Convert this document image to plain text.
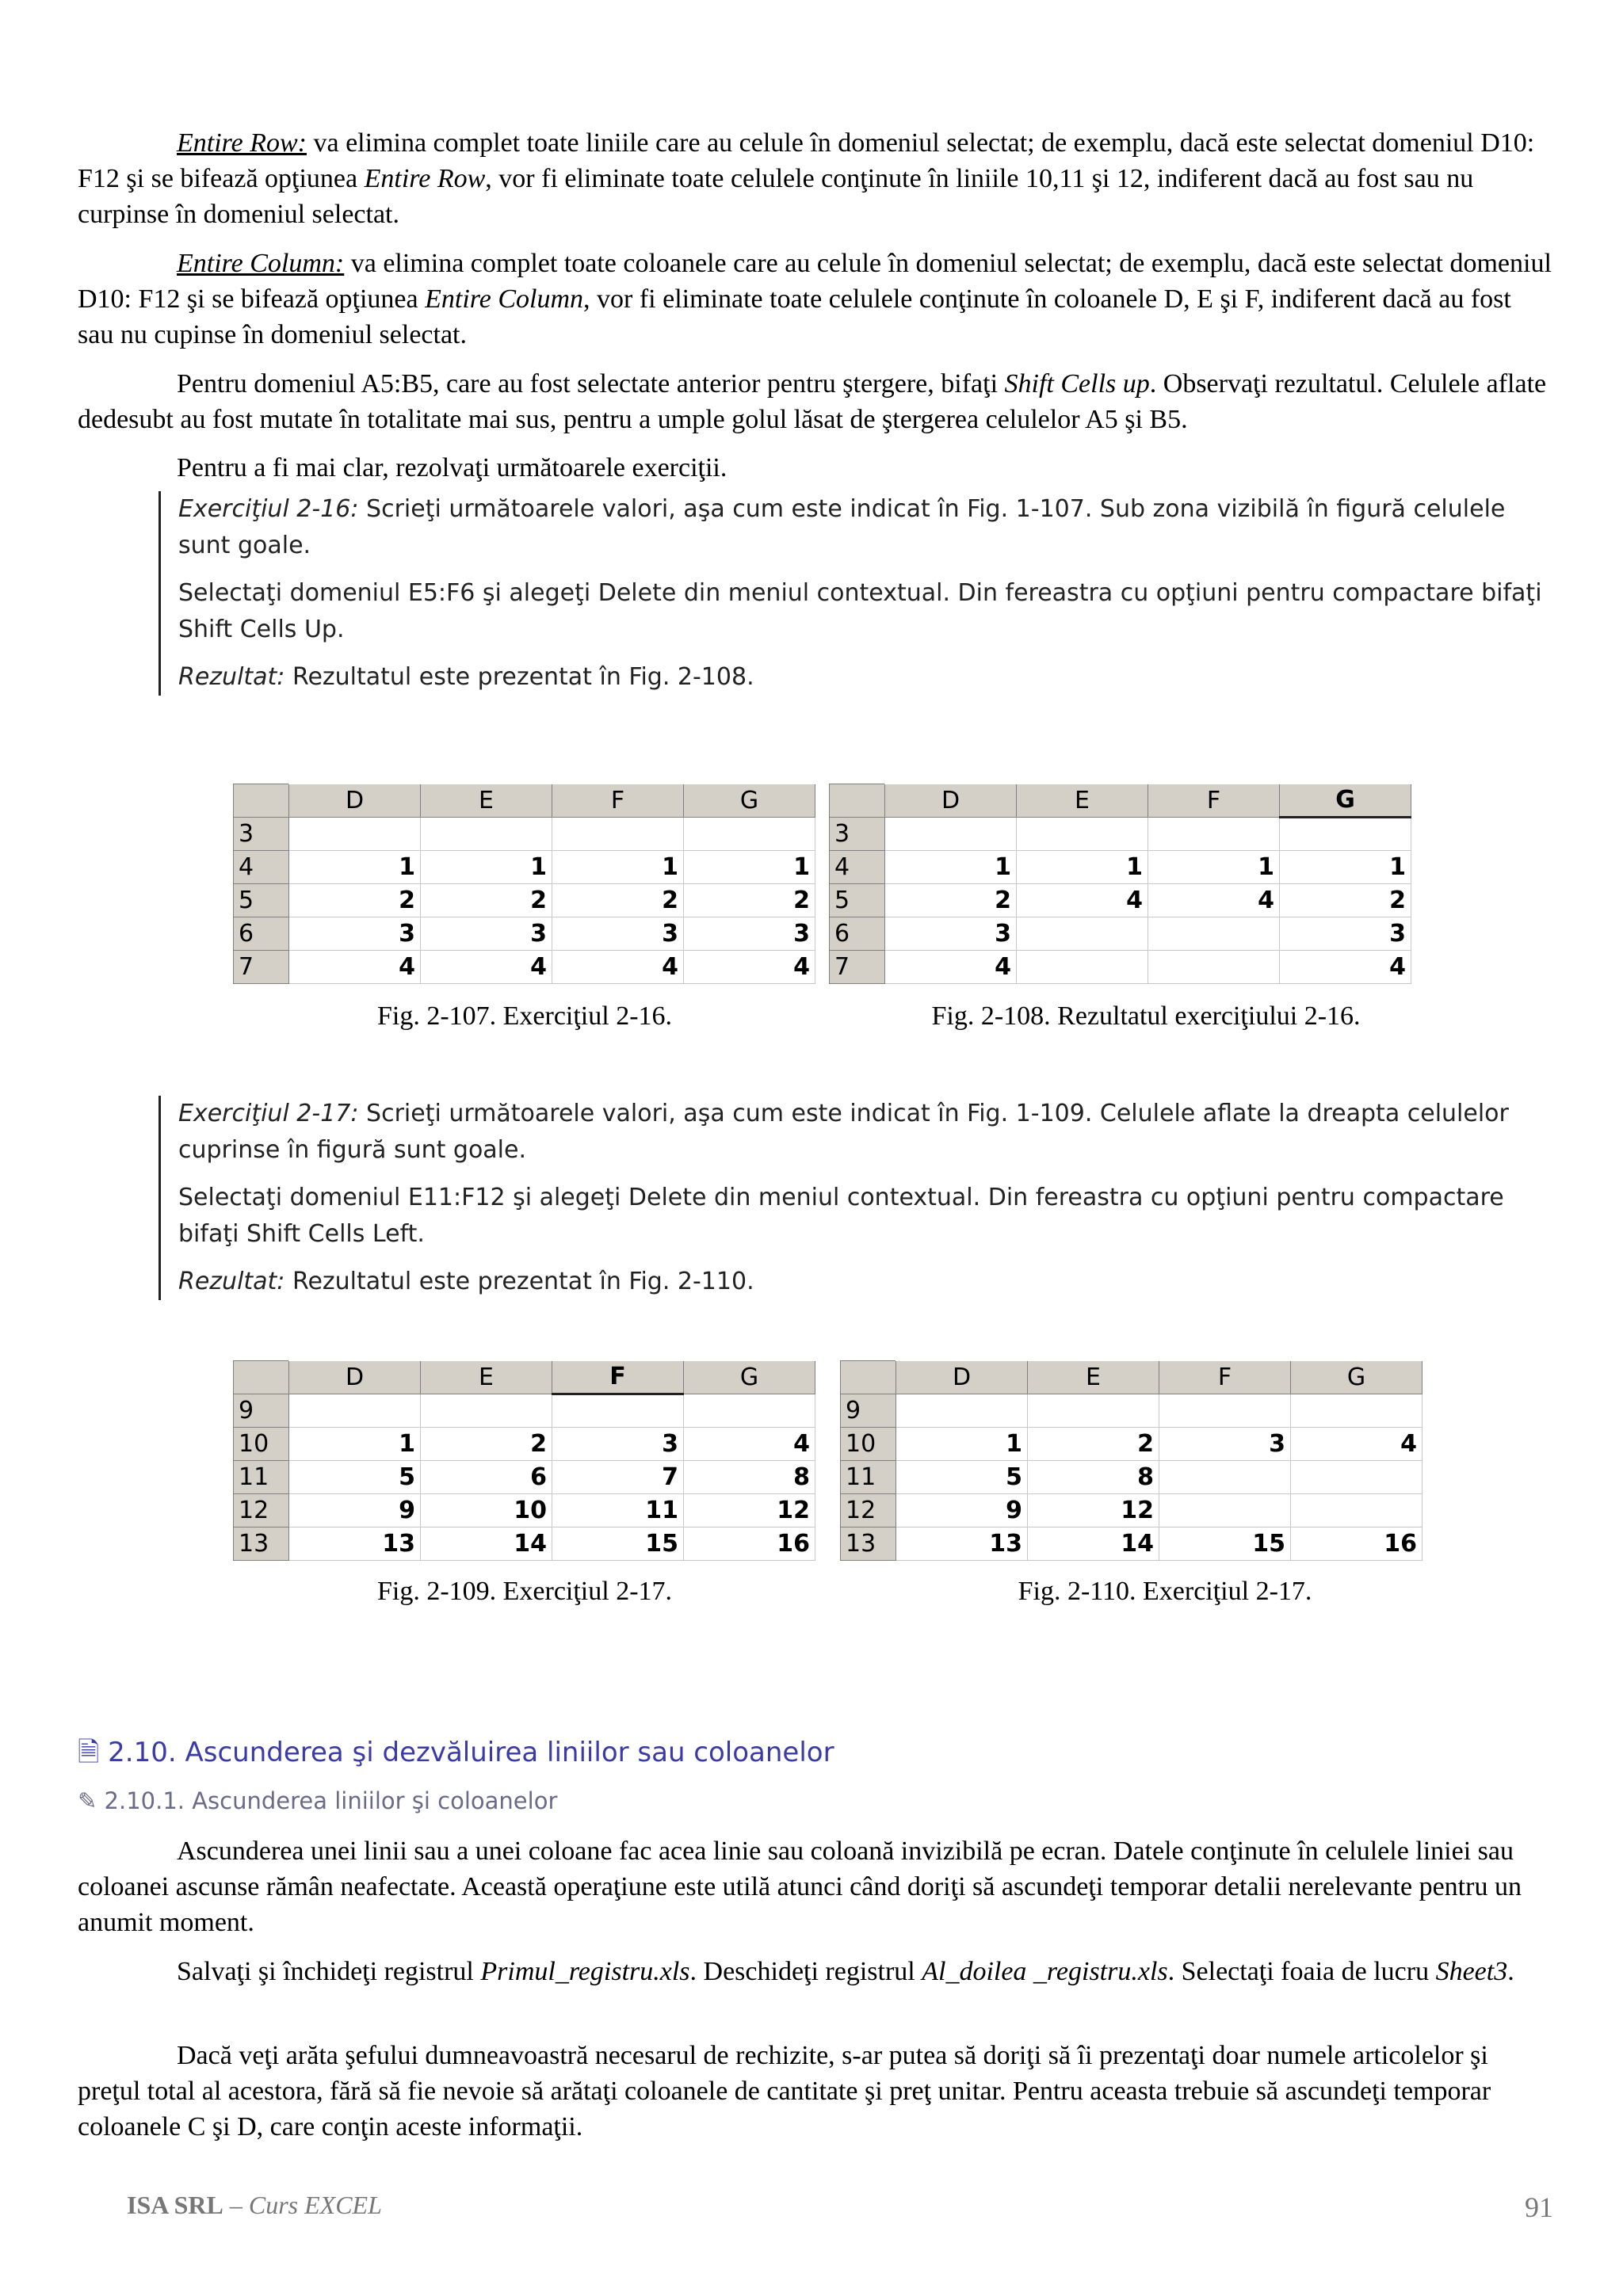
Entire Row: va elimina complet toate liniile care au celule în domeniul selectat; de exemplu, dacă este selectat domeniul D10: F12 şi se bifează opţiunea Entire Row, vor fi eliminate toate celulele conţinute în liniile 10,11 şi 12, indiferent dacă au fost sau nu curpinse în domeniul selectat.

Entire Column: va elimina complet toate coloanele care au celule în domeniul selectat; de exemplu, dacă este selectat domeniul D10: F12 şi se bifează opţiunea Entire Column, vor fi eliminate toate celulele conţinute în coloanele D, E şi F, indiferent dacă au fost sau nu cupinse în domeniul selectat.

Pentru domeniul A5:B5, care au fost selectate anterior pentru ştergere, bifaţi Shift Cells up. Observaţi rezultatul. Celulele aflate dedesubt au fost mutate în totalitate mai sus, pentru a umple golul lăsat de ştergerea celulelor A5 şi B5.

Pentru a fi mai clar, rezolvaţi următoarele exerciţii.

Exerciţiul 2-16: Scrieţi următoarele valori, aşa cum este indicat în Fig. 1-107. Sub zona vizibilă în figură celulele sunt goale.

Selectaţi domeniul E5:F6 şi alegeţi Delete din meniul contextual. Din fereastra cu opţiuni pentru compactare bifaţi Shift Cells Up.

Rezultat: Rezultatul este prezentat în Fig. 2-108.

	D	E	F	G
3				
4	1	1	1	1
5	2	2	2	2
6	3	3	3	3
7	4	4	4	4
	D	E	F	G
3				
4	1	1	1	1
5	2	4	4	2
6	3			3
7	4			4

Fig. 2-107. Exerciţiul 2-16.	Fig. 2-108. Rezultatul exerciţiului 2-16.

Exerciţiul 2-17: Scrieţi următoarele valori, aşa cum este indicat în Fig. 1-109. Celulele aflate la dreapta celulelor cuprinse în figură sunt goale.

Selectaţi domeniul E11:F12 şi alegeţi Delete din meniul contextual. Din fereastra cu opţiuni pentru compactare bifaţi Shift Cells Left.

Rezultat: Rezultatul este prezentat în Fig. 2-110.

	D	E	F	G
9				
10	1	2	3	4
11	5	6	7	8
12	9	10	11	12
13	13	14	15	16
	D	E	F	G
9				
10	1	2	3	4
11	5	8		
12	9	12		
13	13	14	15	16

Fig. 2-109. Exerciţiul 2-17.	Fig. 2-110. Exerciţiul 2-17.

🗎 2.10. Ascunderea şi dezvăluirea liniilor sau coloanelor

✎ 2.10.1. Ascunderea liniilor şi coloanelor

Ascunderea unei linii sau a unei coloane fac acea linie sau coloană invizibilă pe ecran. Datele conţinute în celulele liniei sau coloanei ascunse rămân neafectate. Această operaţiune este utilă atunci când doriţi să ascundeţi temporar detalii nerelevante pentru un anumit moment.

Salvaţi şi închideţi registrul Primul_registru.xls. Deschideţi registrul Al_doilea _registru.xls. Selectaţi foaia de lucru Sheet3.

Dacă veţi arăta şefului dumneavoastră necesarul de rechizite, s-ar putea să doriţi să îi prezentaţi doar numele articolelor şi preţul total al acestora, fără să fie nevoie să arătaţi coloanele de cantitate şi preţ unitar. Pentru aceasta trebuie să ascundeţi temporar coloanele C şi D, care conţin aceste informaţii.

ISA SRL – Curs EXCEL	91
